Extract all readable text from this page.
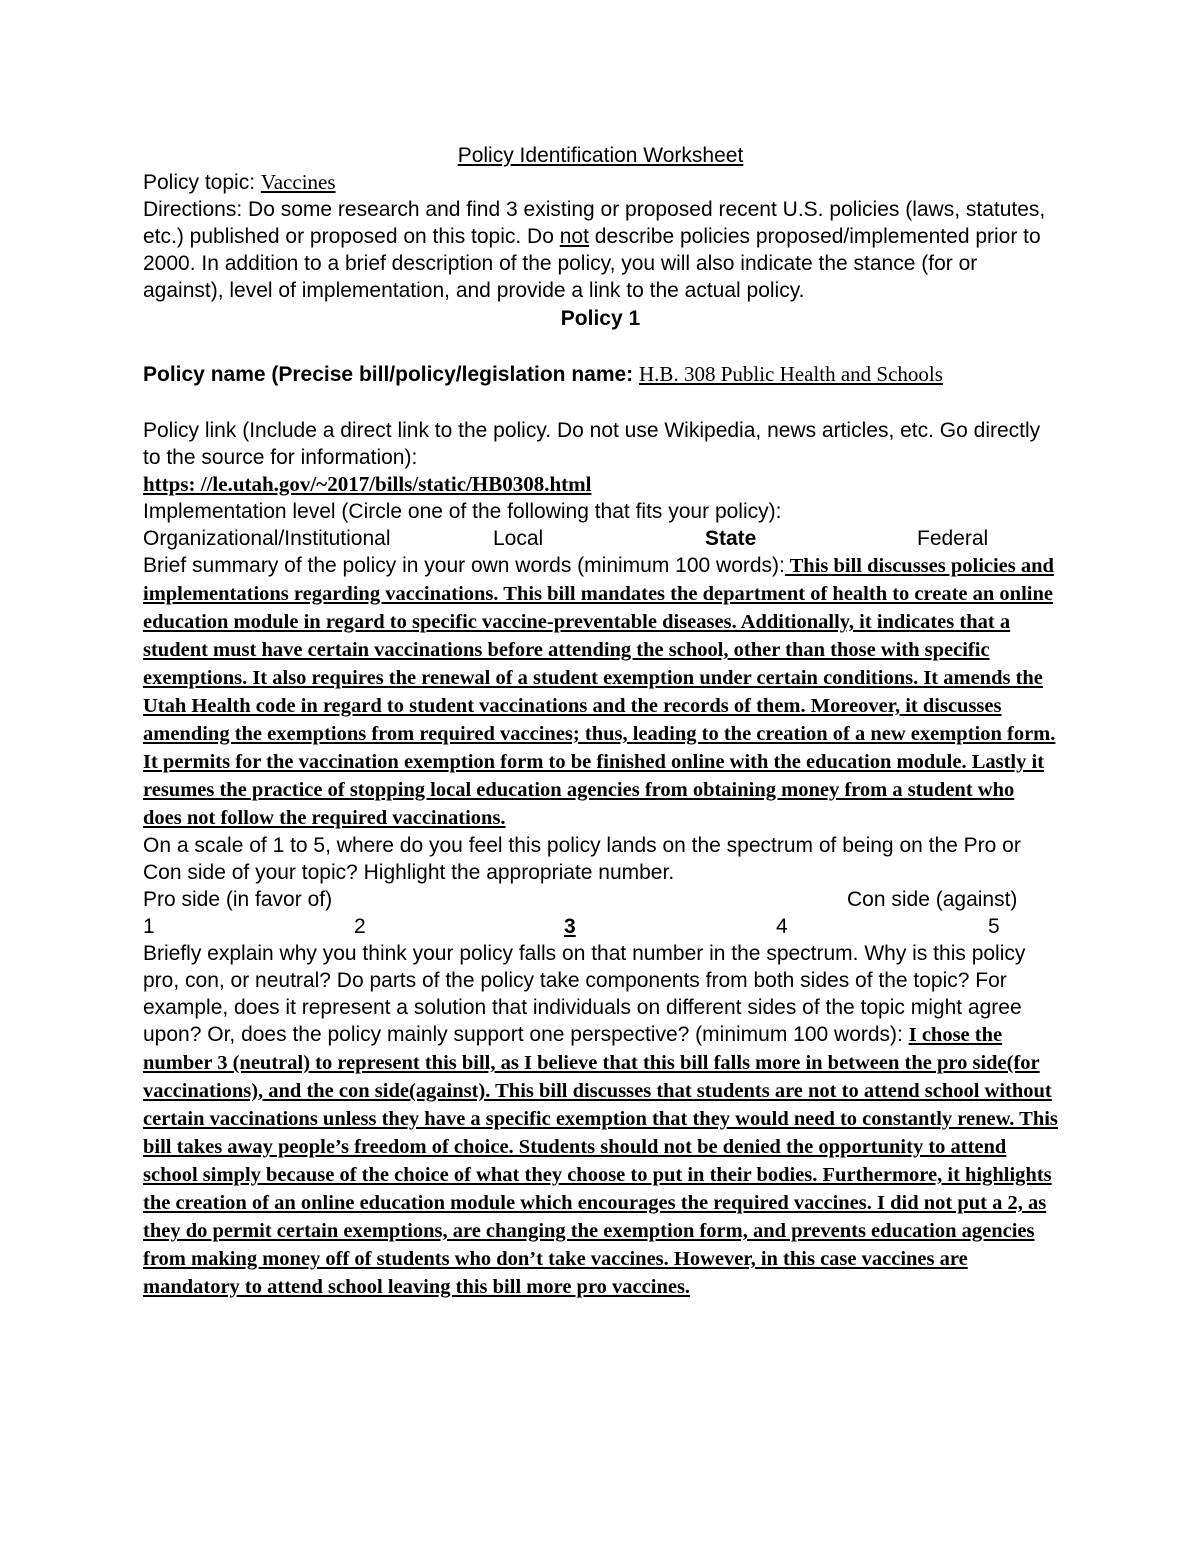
Policy Identification Worksheet
Policy topic: Vaccines
Directions: Do some research and find 3 existing or proposed recent U.S. policies (laws, statutes, etc.) published or proposed on this topic. Do not describe policies proposed/implemented prior to 2000. In addition to a brief description of the policy, you will also indicate the stance (for or against), level of implementation, and provide a link to the actual policy.
Policy 1
Policy name (Precise bill/policy/legislation name: H.B. 308 Public Health and Schools
Policy link (Include a direct link to the policy. Do not use Wikipedia, news articles, etc. Go directly to the source for information):
https: //le.utah.gov/~2017/bills/static/HB0308.html
Implementation level (Circle one of the following that fits your policy):
Organizational/Institutional	Local	State	Federal
Brief summary of the policy in your own words (minimum 100 words): This bill discusses policies and implementations regarding vaccinations. This bill mandates the department of health to create an online education module in regard to specific vaccine-preventable diseases. Additionally, it indicates that a student must have certain vaccinations before attending the school, other than those with specific exemptions. It also requires the renewal of a student exemption under certain conditions. It amends the Utah Health code in regard to student vaccinations and the records of them. Moreover, it discusses amending the exemptions from required vaccines; thus, leading to the creation of a new exemption form. It permits for the vaccination exemption form to be finished online with the education module. Lastly it resumes the practice of stopping local education agencies from obtaining money from a student who does not follow the required vaccinations.
On a scale of 1 to 5, where do you feel this policy lands on the spectrum of being on the Pro or Con side of your topic? Highlight the appropriate number.
Pro side (in favor of)	Con side (against)
1	2	3	4	5
Briefly explain why you think your policy falls on that number in the spectrum. Why is this policy pro, con, or neutral? Do parts of the policy take components from both sides of the topic? For example, does it represent a solution that individuals on different sides of the topic might agree upon? Or, does the policy mainly support one perspective? (minimum 100 words): I chose the number 3 (neutral) to represent this bill, as I believe that this bill falls more in between the pro side(for vaccinations), and the con side(against). This bill discusses that students are not to attend school without certain vaccinations unless they have a specific exemption that they would need to constantly renew. This bill takes away people’s freedom of choice. Students should not be denied the opportunity to attend school simply because of the choice of what they choose to put in their bodies. Furthermore, it highlights the creation of an online education module which encourages the required vaccines. I did not put a 2, as they do permit certain exemptions, are changing the exemption form, and prevents education agencies from making money off of students who don’t take vaccines. However, in this case vaccines are mandatory to attend school leaving this bill more pro vaccines.
